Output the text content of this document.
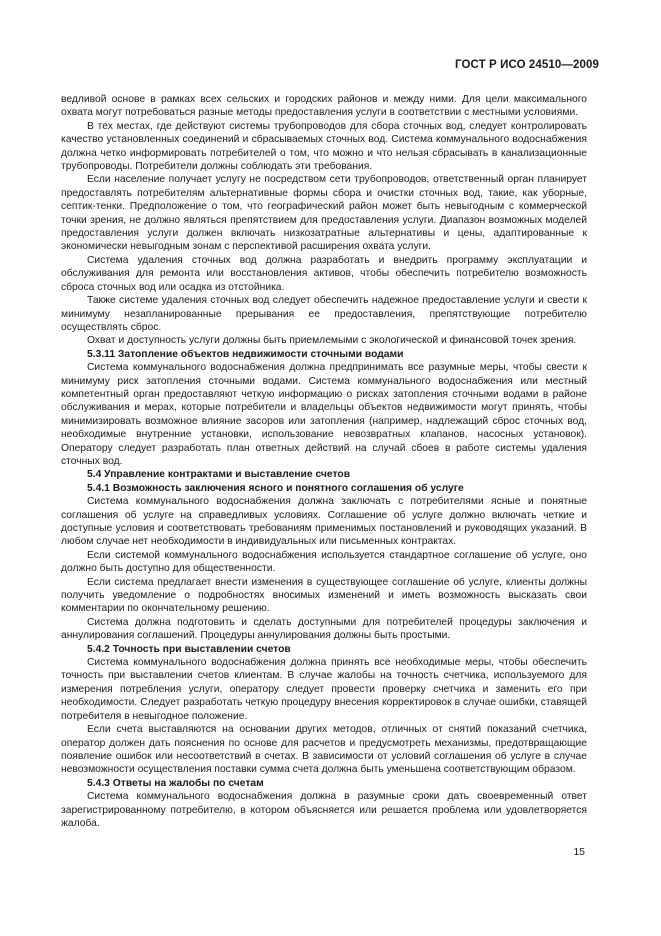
ГОСТ Р ИСО 24510—2009

ведливой основе в рамках всех сельских и городских районов и между ними. Для цели максимального охвата могут потребоваться разные методы предоставления услуги в соответствии с местными условиями.

В тех местах, где действуют системы трубопроводов для сбора сточных вод, следует контролировать качество установленных соединений и сбрасываемых сточных вод. Система коммунального водоснабжения должна четко информировать потребителей о том, что можно и что нельзя сбрасывать в канализационные трубопроводы. Потребители должны соблюдать эти требования.

Если население получает услугу не посредством сети трубопроводов, ответственный орган планирует предоставлять потребителям альтернативные формы сбора и очистки сточных вод, такие, как уборные, септик-тенки. Предположение о том, что географический район может быть невыгодным с коммерческой точки зрения, не должно являться препятствием для предоставления услуги. Диапазон возможных моделей предоставления услуги должен включать низкозатратные альтернативы и цены, адаптированные к экономически невыгодным зонам с перспективой расширения охвата услуги.

Система удаления сточных вод должна разработать и внедрить программу эксплуатации и обслуживания для ремонта или восстановления активов, чтобы обеспечить потребителю возможность сброса сточных вод или осадка из отстойника.

Также системе удаления сточных вод следует обеспечить надежное предоставление услуги и свести к минимуму незапланированные прерывания ее предоставления, препятствующие потребителю осуществлять сброс.

Охват и доступность услуги должны быть приемлемыми с экологической и финансовой точек зрения.

5.3.11 Затопление объектов недвижимости сточными водами

Система коммунального водоснабжения должна предпринимать все разумные меры, чтобы свести к минимуму риск затопления сточными водами. Система коммунального водоснабжения или местный компетентный орган предоставляют четкую информацию о рисках затопления сточными водами в районе обслуживания и мерах, которые потребители и владельцы объектов недвижимости могут принять, чтобы минимизировать возможное влияние засоров или затопления (например, надлежащий сброс сточных вод, необходимые внутренние установки, использование невозвратных клапанов, насосных установок). Оператору следует разработать план ответных действий на случай сбоев в работе системы удаления сточных вод.

5.4 Управление контрактами и выставление счетов
5.4.1 Возможность заключения ясного и понятного соглашения об услуге

Система коммунального водоснабжения должна заключать с потребителями ясные и понятные соглашения об услуге на справедливых условиях. Соглашение об услуге должно включать четкие и доступные условия и соответствовать требованиям применимых постановлений и руководящих указаний. В любом случае нет необходимости в индивидуальных или письменных контрактах.

Если системой коммунального водоснабжения используется стандартное соглашение об услуге, оно должно быть доступно для общественности.

Если система предлагает внести изменения в существующее соглашение об услуге, клиенты должны получить уведомление о подробностях вносимых изменений и иметь возможность высказать свои комментарии по окончательному решению.

Система должна подготовить и сделать доступными для потребителей процедуры заключения и аннулирования соглашений. Процедуры аннулирования должны быть простыми.

5.4.2 Точность при выставлении счетов

Система коммунального водоснабжения должна принять все необходимые меры, чтобы обеспечить точность при выставлении счетов клиентам. В случае жалобы на точность счетчика, используемого для измерения потребления услуги, оператору следует провести проверку счетчика и заменить его при необходимости. Следует разработать четкую процедуру внесения корректировок в случае ошибки, ставящей потребителя в невыгодное положение.

Если счета выставляются на основании других методов, отличных от снятий показаний счетчика, оператор должен дать пояснения по основе для расчетов и предусмотреть механизмы, предотвращающие появление ошибок или несоответствий в счетах. В зависимости от условий соглашения об услуге в случае невозможности осуществления поставки сумма счета должна быть уменьшена соответствующим образом.

5.4.3 Ответы на жалобы по счетам

Система коммунального водоснабжения должна в разумные сроки дать своевременный ответ зарегистрированному потребителю, в котором объясняется или решается проблема или удовлетворяется жалоба.

15
